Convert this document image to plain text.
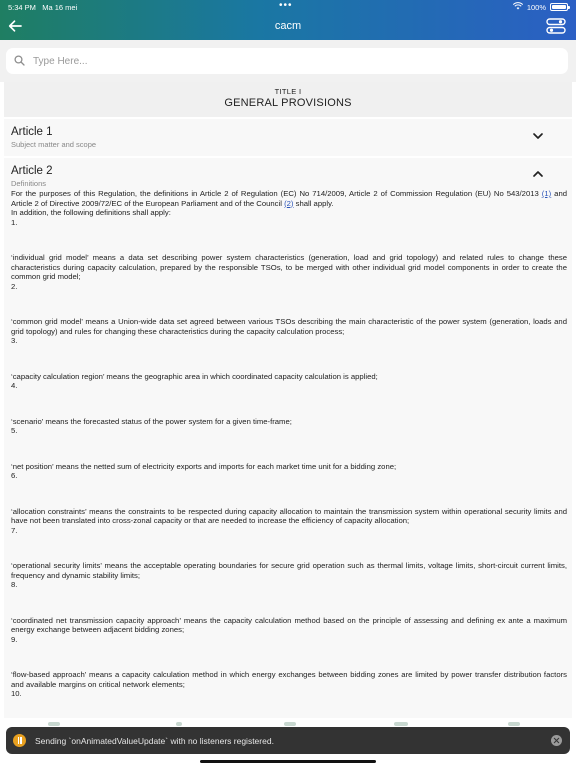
5:34 PM Ma 16 mei	•••	100%
cacm
Type Here...
TITLE I
GENERAL PROVISIONS
Article 1
Subject matter and scope
Article 2
Definitions

For the purposes of this Regulation, the definitions in Article 2 of Regulation (EC) No 714/2009, Article 2 of Commission Regulation (EU) No 543/2013 (1) and Article 2 of Directive 2009/72/EC of the European Parliament and of the Council (2) shall apply.

In addition, the following definitions shall apply:

1.

‘individual grid model’ means a data set describing power system characteristics (generation, load and grid topology) and related rules to change these characteristics during capacity calculation, prepared by the responsible TSOs, to be merged with other individual grid model components in order to create the common grid model;

2.

‘common grid model’ means a Union-wide data set agreed between various TSOs describing the main characteristic of the power system (generation, loads and grid topology) and rules for changing these characteristics during the capacity calculation process;

3.

‘capacity calculation region’ means the geographic area in which coordinated capacity calculation is applied;

4.

‘scenario’ means the forecasted status of the power system for a given time-frame;

5.

‘net position’ means the netted sum of electricity exports and imports for each market time unit for a bidding zone;

6.

‘allocation constraints’ means the constraints to be respected during capacity allocation to maintain the transmission system within operational security limits and have not been translated into cross-zonal capacity or that are needed to increase the efficiency of capacity allocation;

7.

‘operational security limits’ means the acceptable operating boundaries for secure grid operation such as thermal limits, voltage limits, short-circuit current limits, frequency and dynamic stability limits;

8.

‘coordinated net transmission capacity approach’ means the capacity calculation method based on the principle of assessing and defining ex ante a maximum energy exchange between adjacent bidding zones;

9.

‘flow-based approach’ means a capacity calculation method in which energy exchanges between bidding zones are limited by power transfer distribution factors and available margins on critical network elements;

10.

Sending `onAnimatedValueUpdate` with no listeners registered.
